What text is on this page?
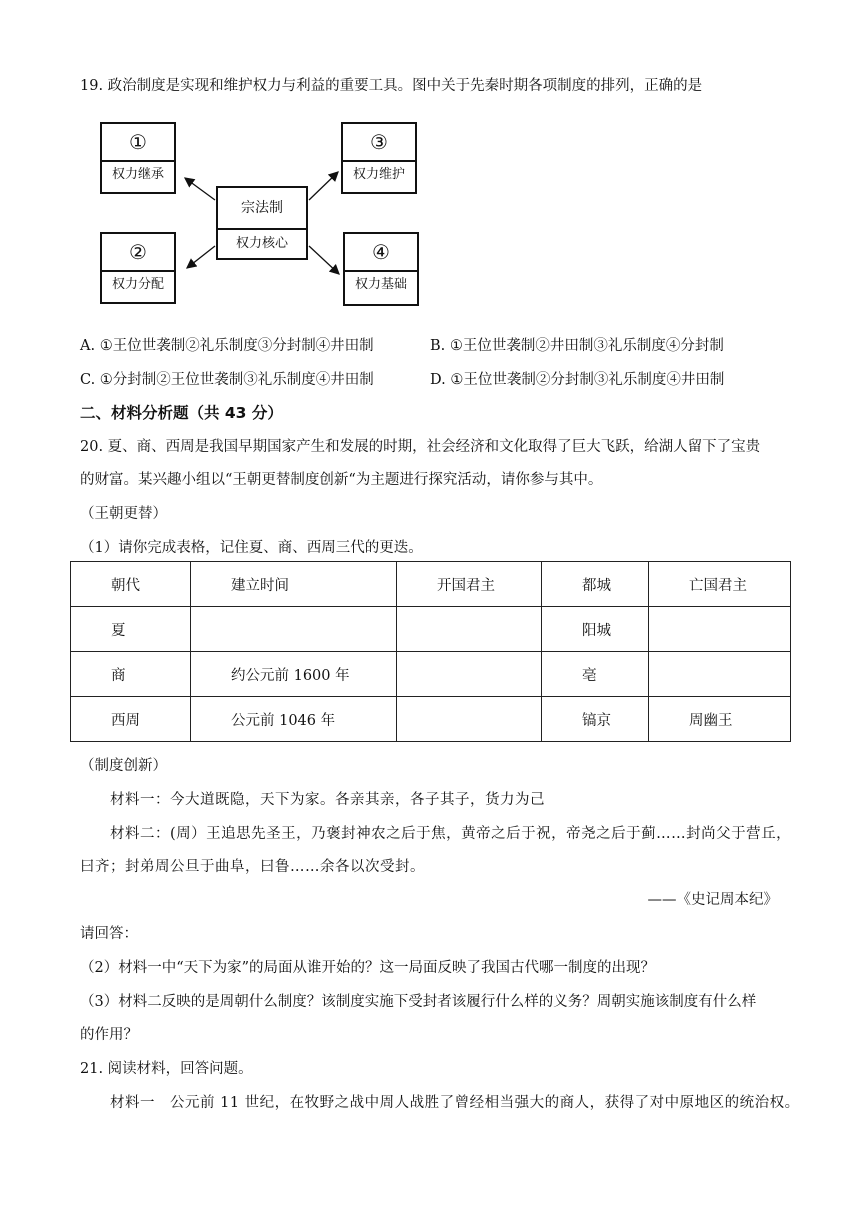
19. 政治制度是实现和维护权力与利益的重要工具。图中关于先秦时期各项制度的排列，正确的是
①
权力继承
②
权力分配
宗法制
权力核心
③
权力维护
④
权力基础
A. ①王位世袭制②礼乐制度③分封制④井田制	B. ①王位世袭制②井田制③礼乐制度④分封制
C. ①分封制②王位世袭制③礼乐制度④井田制	D. ①王位世袭制②分封制③礼乐制度④井田制
二、材料分析题（共 43 分）
20. 夏、商、西周是我国早期国家产生和发展的时期，社会经济和文化取得了巨大飞跃，给湖人留下了宝贵
的财富。某兴趣小组以“王朝更替制度创新“为主题进行探究活动，请你参与其中。
（王朝更替）
（1）请你完成表格，记住夏、商、西周三代的更迭。
朝代	建立时间	开国君主	都城	亡国君主
夏			阳城	
商	约公元前 1600 年		亳	
西周	公元前 1046 年		镐京	周幽王
（制度创新）
材料一：今大道既隐，天下为家。各亲其亲，各子其子，货力为己
材料二：(周）王追思先圣王，乃褒封神农之后于焦，黄帝之后于祝，帝尧之后于蓟……封尚父于营丘，
曰齐；封弟周公旦于曲阜，曰鲁……余各以次受封。
——《史记周本纪》
请回答：
（2）材料一中“天下为家”的局面从谁开始的？这一局面反映了我国古代哪一制度的出现？
（3）材料二反映的是周朝什么制度？该制度实施下受封者该履行什么样的义务？周朝实施该制度有什么样
的作用？
21. 阅读材料，回答问题。
材料一　公元前 11 世纪，在牧野之战中周人战胜了曾经相当强大的商人，获得了对中原地区的统治权。
